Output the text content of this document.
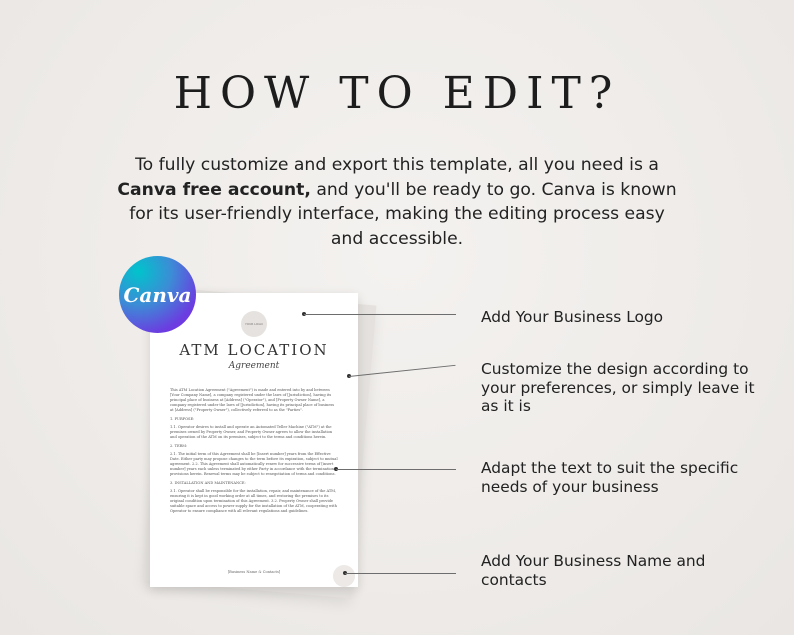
HOW TO EDIT?
To fully customize and export this template, all you need is a
Canva free account, and you'll be ready to go. Canva is known
for its user-friendly interface, making the editing process easy
and accessible.
YOUR LOGO
ATM LOCATION
Agreement

This ATM Location Agreement ("Agreement") is made and entered into by and between [Your Company Name], a company registered under the laws of [Jurisdiction], having its principal place of business at [Address] ("Operator"), and [Property Owner Name], a company registered under the laws of [Jurisdiction], having its principal place of business at [Address] ("Property Owner"), collectively referred to as the "Parties".

1. PURPOSE:

1.1. Operator desires to install and operate an Automated Teller Machine ("ATM") at the premises owned by Property Owner, and Property Owner agrees to allow the installation and operation of the ATM on its premises, subject to the terms and conditions herein.

2. TERM:

2.1. The initial term of this Agreement shall be [Insert number] years from the Effective Date. Either party may propose changes to the term before its expiration, subject to mutual agreement. 2.2. This Agreement shall automatically renew for successive terms of [insert number] years each unless terminated by either Party in accordance with the termination provisions herein. Renewal terms may be subject to renegotiation of terms and conditions.

3. INSTALLATION AND MAINTENANCE:

3.1. Operator shall be responsible for the installation, repair, and maintenance of the ATM, ensuring it is kept in good working order at all times, and restoring the premises to its original condition upon termination of this Agreement. 3.2. Property Owner shall provide suitable space and access to power supply for the installation of the ATM, cooperating with Operator to ensure compliance with all relevant regulations and guidelines.

[Business Name & Contacts]
Canva
Add Your Business Logo
Customize the design according to your preferences, or simply leave it as it is
Adapt the text to suit the specific needs of your business
Add Your Business Name and contacts
